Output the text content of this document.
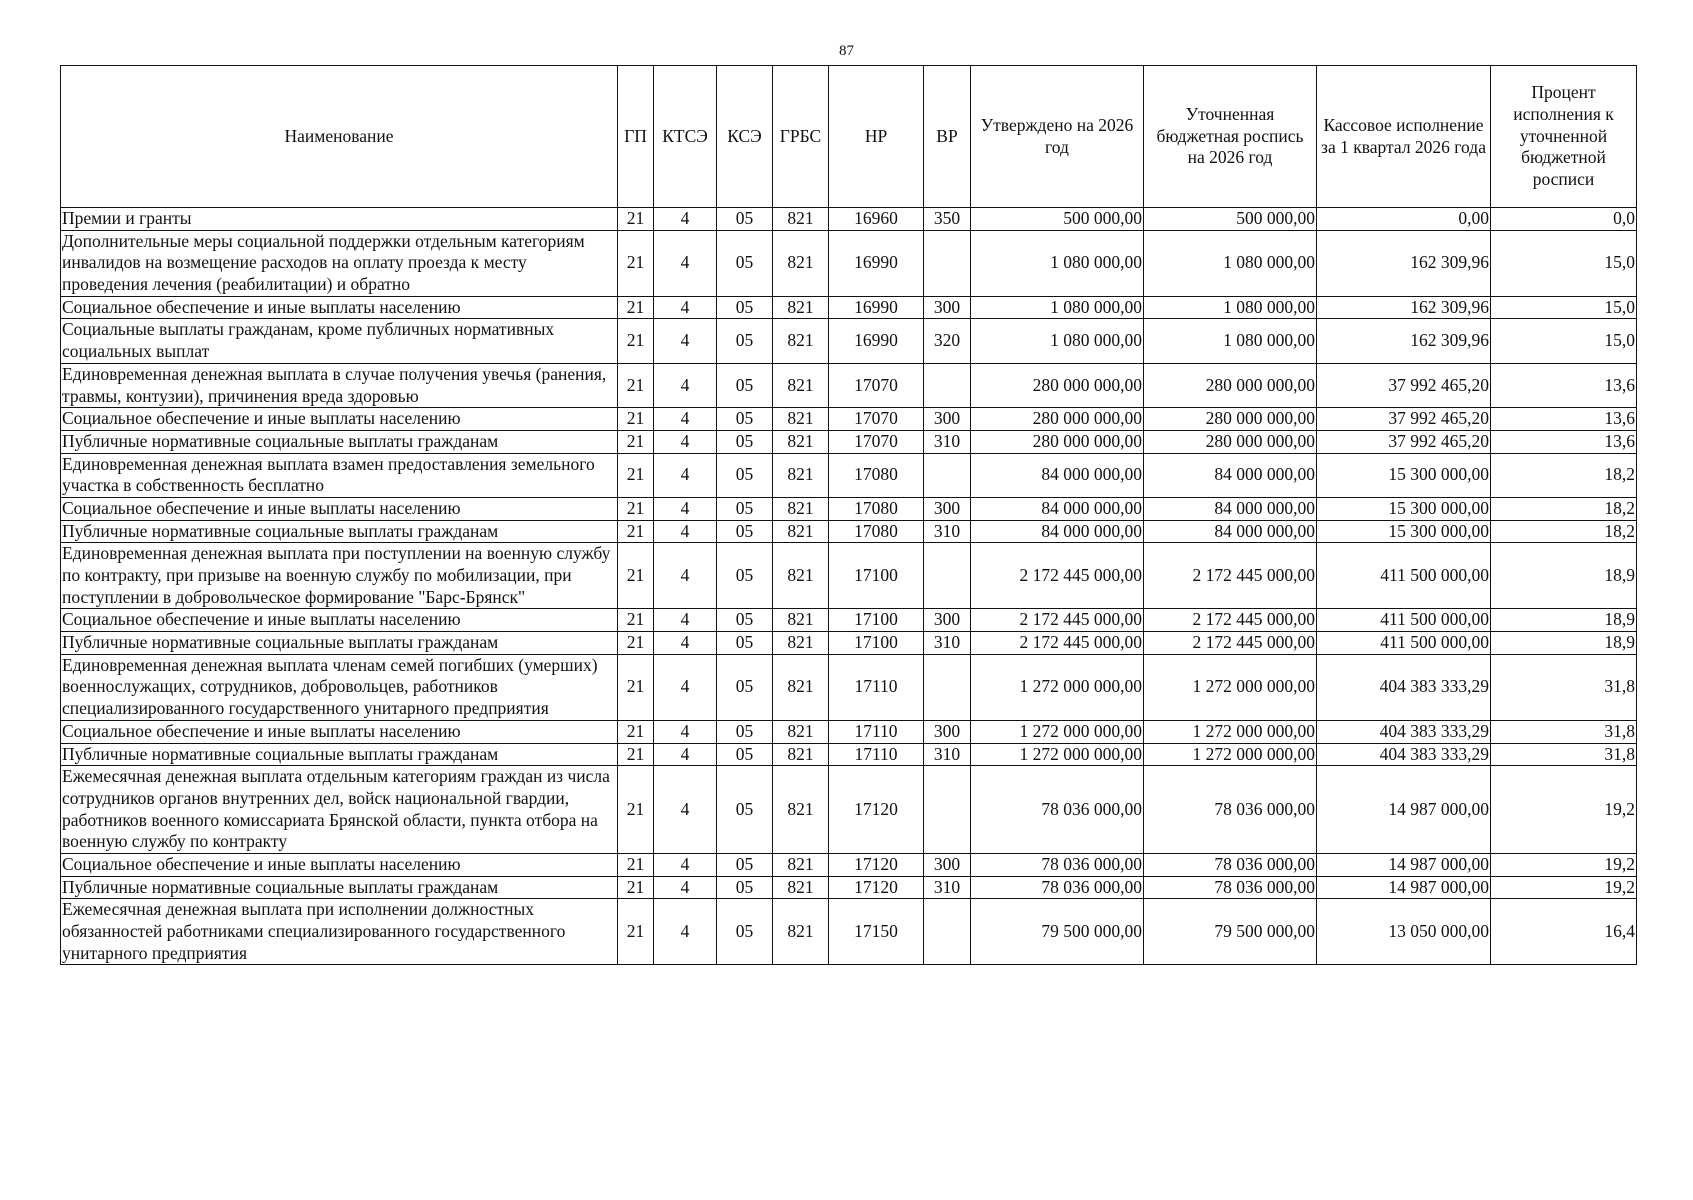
87
Наименование	ГП	КТСЭ	КСЭ	ГРБС	НР	ВР	Утверждено на 2026 год	Уточненная бюджетная роспись на 2026 год	Кассовое исполнение за 1 квартал 2026 года	Процент исполнения к уточненной бюджетной росписи
Премии и гранты	21	4	05	821	16960	350	500 000,00	500 000,00	0,00	0,0
Дополнительные меры социальной поддержки отдельным категориям инвалидов на возмещение расходов на оплату проезда к месту проведения лечения (реабилитации) и обратно	21	4	05	821	16990		1 080 000,00	1 080 000,00	162 309,96	15,0
Социальное обеспечение и иные выплаты населению	21	4	05	821	16990	300	1 080 000,00	1 080 000,00	162 309,96	15,0
Социальные выплаты гражданам, кроме публичных нормативных социальных выплат	21	4	05	821	16990	320	1 080 000,00	1 080 000,00	162 309,96	15,0
Единовременная денежная выплата в случае получения увечья (ранения, травмы, контузии), причинения вреда здоровью	21	4	05	821	17070		280 000 000,00	280 000 000,00	37 992 465,20	13,6
Социальное обеспечение и иные выплаты населению	21	4	05	821	17070	300	280 000 000,00	280 000 000,00	37 992 465,20	13,6
Публичные нормативные социальные выплаты гражданам	21	4	05	821	17070	310	280 000 000,00	280 000 000,00	37 992 465,20	13,6
Единовременная денежная выплата взамен предоставления земельного участка в собственность бесплатно	21	4	05	821	17080		84 000 000,00	84 000 000,00	15 300 000,00	18,2
Социальное обеспечение и иные выплаты населению	21	4	05	821	17080	300	84 000 000,00	84 000 000,00	15 300 000,00	18,2
Публичные нормативные социальные выплаты гражданам	21	4	05	821	17080	310	84 000 000,00	84 000 000,00	15 300 000,00	18,2
Единовременная денежная выплата при поступлении на военную службу по контракту, при призыве на военную службу по мобилизации, при поступлении в добровольческое формирование "Барс-Брянск"	21	4	05	821	17100		2 172 445 000,00	2 172 445 000,00	411 500 000,00	18,9
Социальное обеспечение и иные выплаты населению	21	4	05	821	17100	300	2 172 445 000,00	2 172 445 000,00	411 500 000,00	18,9
Публичные нормативные социальные выплаты гражданам	21	4	05	821	17100	310	2 172 445 000,00	2 172 445 000,00	411 500 000,00	18,9
Единовременная денежная выплата членам семей погибших (умерших) военнослужащих, сотрудников, добровольцев, работников специализированного государственного унитарного предприятия	21	4	05	821	17110		1 272 000 000,00	1 272 000 000,00	404 383 333,29	31,8
Социальное обеспечение и иные выплаты населению	21	4	05	821	17110	300	1 272 000 000,00	1 272 000 000,00	404 383 333,29	31,8
Публичные нормативные социальные выплаты гражданам	21	4	05	821	17110	310	1 272 000 000,00	1 272 000 000,00	404 383 333,29	31,8
Ежемесячная денежная выплата отдельным категориям граждан из числа сотрудников органов внутренних дел, войск национальной гвардии, работников военного комиссариата Брянской области, пункта отбора на военную службу по контракту	21	4	05	821	17120		78 036 000,00	78 036 000,00	14 987 000,00	19,2
Социальное обеспечение и иные выплаты населению	21	4	05	821	17120	300	78 036 000,00	78 036 000,00	14 987 000,00	19,2
Публичные нормативные социальные выплаты гражданам	21	4	05	821	17120	310	78 036 000,00	78 036 000,00	14 987 000,00	19,2
Ежемесячная денежная выплата при исполнении должностных обязанностей работниками специализированного государственного унитарного предприятия	21	4	05	821	17150		79 500 000,00	79 500 000,00	13 050 000,00	16,4
